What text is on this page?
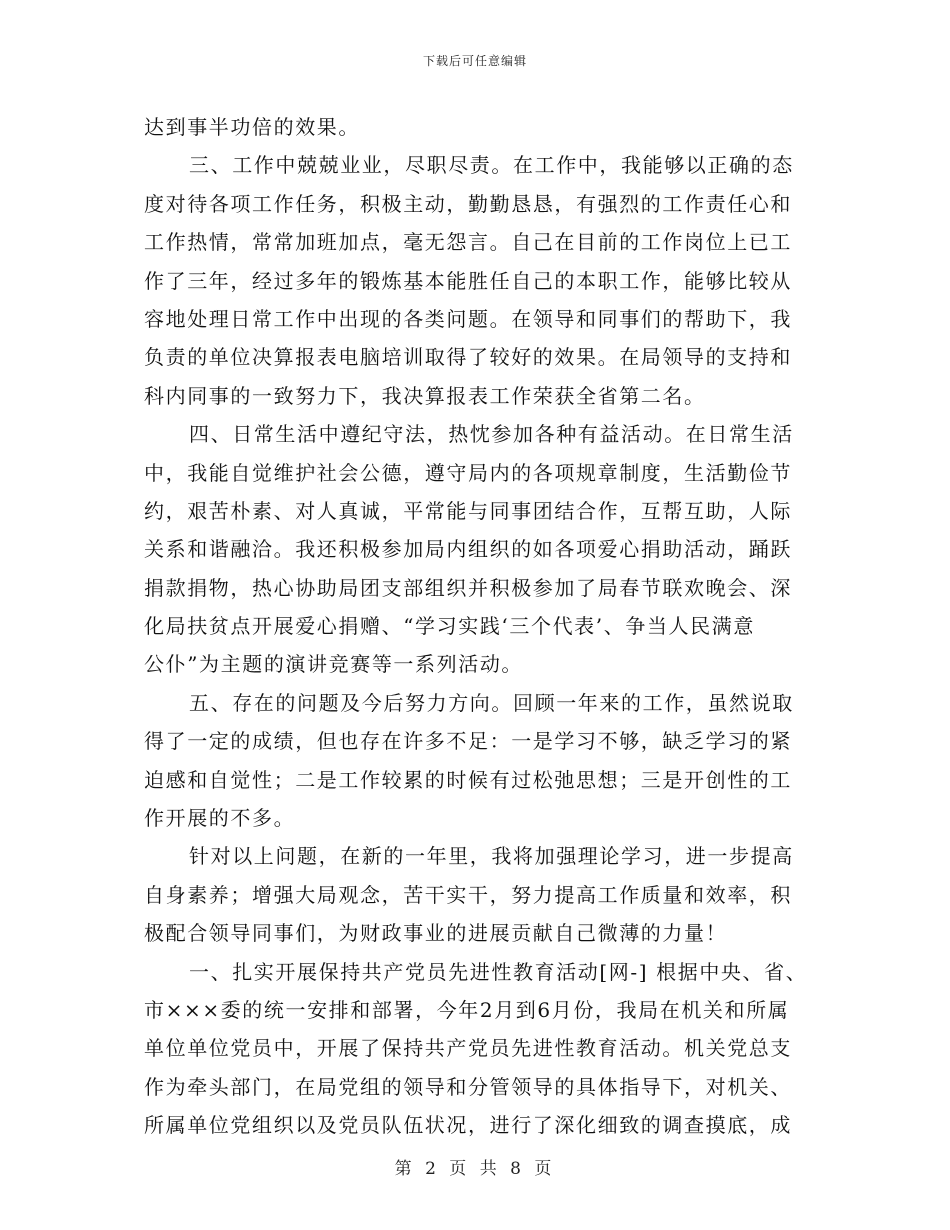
下载后可任意编辑
达到事半功倍的效果。
三、工作中兢兢业业，尽职尽责。在工作中，我能够以正确的态
度对待各项工作任务，积极主动，勤勤恳恳，有强烈的工作责任心和
工作热情，常常加班加点，毫无怨言。自己在目前的工作岗位上已工
作了三年，经过多年的锻炼基本能胜任自己的本职工作，能够比较从
容地处理日常工作中出现的各类问题。在领导和同事们的帮助下，我
负责的单位决算报表电脑培训取得了较好的效果。在局领导的支持和
科内同事的一致努力下，我决算报表工作荣获全省第二名。
四、日常生活中遵纪守法，热忱参加各种有益活动。在日常生活
中，我能自觉维护社会公德，遵守局内的各项规章制度，生活勤俭节
约，艰苦朴素、对人真诚，平常能与同事团结合作，互帮互助，人际
关系和谐融洽。我还积极参加局内组织的如各项爱心捐助活动，踊跃
捐款捐物，热心协助局团支部组织并积极参加了局春节联欢晚会、深
化局扶贫点开展爱心捐赠、“学习实践‘三个代表’、争当人民满意
公仆”为主题的演讲竞赛等一系列活动。
五、存在的问题及今后努力方向。回顾一年来的工作，虽然说取
得了一定的成绩，但也存在许多不足：一是学习不够，缺乏学习的紧
迫感和自觉性；二是工作较累的时候有过松弛思想；三是开创性的工
作开展的不多。
针对以上问题，在新的一年里，我将加强理论学习，进一步提高
自身素养；增强大局观念，苦干实干，努力提高工作质量和效率，积
极配合领导同事们，为财政事业的进展贡献自己微薄的力量！
一、扎实开展保持共产党员先进性教育活动[网-] 根据中央、省、
市×××委的统一安排和部署，今年2月到6月份，我局在机关和所属
单位单位党员中，开展了保持共产党员先进性教育活动。机关党总支
作为牵头部门，在局党组的领导和分管领导的具体指导下，对机关、
所属单位党组织以及党员队伍状况，进行了深化细致的调查摸底，成
第 2 页 共 8 页
